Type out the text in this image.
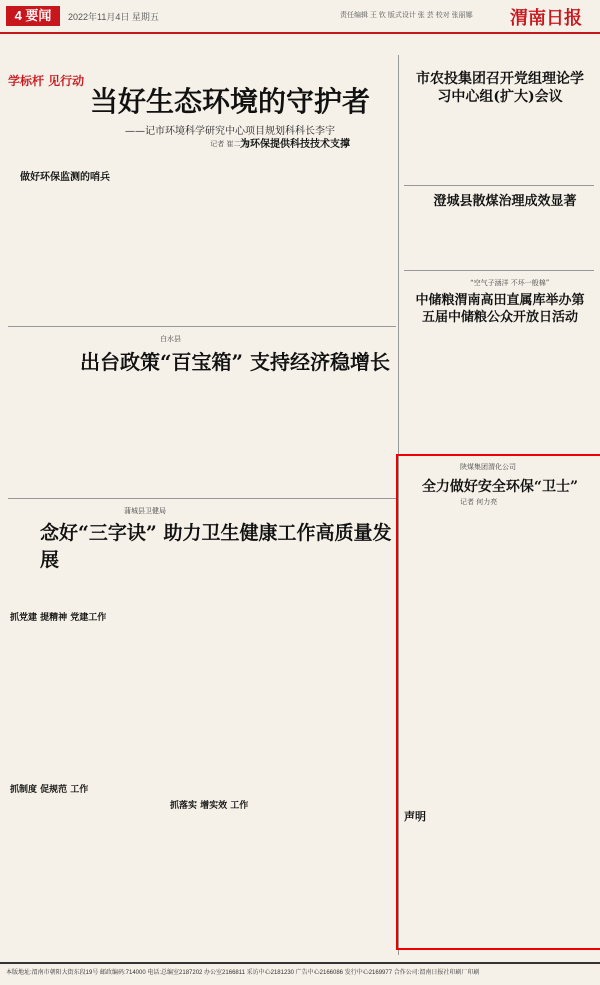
4 要闻	2022年11月4日 星期五	责任编辑 王 钦 版式设计 张 芸 校对 张丽娜 渭南日报
学标杆 见行动
当好生态环境的守护者
——记市环境科学研究中心项目规划科科长李宇
记者 崔二 燕
做好环保监测的哨兵
为环保提供科技技术支撑
白水县
出台政策“百宝箱” 支持经济稳增长
蒲城县卫健局
念好“三字诀” 助力卫生健康工作高质量发展
抓党建 提精神 党建工作
抓制度 促规范 工作
抓落实 增实效 工作
市农投集团召开党组理论学习中心组(扩大)会议
澄城县散煤治理成效显著
“空气子涵洋 不坏一般棉”
中储粮渭南高田直属库举办第五届中储粮公众开放日活动
陕煤集团渭化公司
全力做好安全环保“卫士”
记者 何力亮
声明
本版地址:渭南市朝阳大街东段19号 邮政编码:714000 电话:总编室2187202 办公室2166811 采访中心2181230 广告中心2166086 发行中心2169977 合作公司:渭南日报社印刷厂印刷
